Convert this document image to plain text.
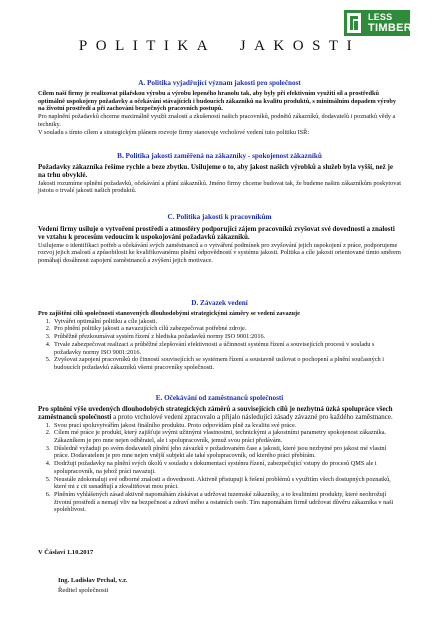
LESS
TIMBER
POLITIKA  JAKOSTI
A. Politika vyjadřující význam jakosti pro společnost

Cílem naší firmy je realizovat pilařskou výrobu a výrobu lepeného hranolu tak, aby byly při efektivním využití sil a prostředků optimálně uspokojeny požadavky a očekávání stávajících i budoucích zákazníků na kvalitu produktů, s minimálním dopadem výroby na životní prostředí a při zachování bezpečných pracovních postupů.

Pro naplnění požadavků chceme maximálně využít znalostí a zkušeností našich pracovníků, podnětů zákazníků, dodavatelů i poznatků vědy a techniky.

V souladu s tímto cílem a strategickým plánem rozvoje firmy stanovuje vrcholové vedení tuto politiku ISŘ:

B. Politika jakosti zaměřená na zákazníky - spokojenost zákazníků

Požadavky zákazníka řešíme rychle a beze zbytku. Usilujeme o to, aby jakost našich výrobků a služeb byla vyšší, než je na trhu obvyklé.

Jakosti rozumíme splnění požadavků, očekávání a přání zákazníků. Jméno firmy chceme budovat tak, že budeme našim zákazníkům poskytovat jistotu o trvalé jakosti našich produktů.

C. Politika jakosti k pracovníkům

Vedení firmy usiluje o vytvoření prostředí a atmosféry podporující zájem pracovníků zvyšovat své dovednosti a znalosti ve vztahu k procesům vedoucím k uspokojování požadavků zákazníků.

Usilujeme o identifikaci potřeb a očekávání svých zaměstnanců a o vytváření podmínek pro zvyšování jejich uspokojení z práce, podporujeme rozvoj jejich znalostí a způsobilosti ke kvalifikovanému plnění odpovědností v systému jakosti. Politika a cíle jakosti orientované tímto směrem pomáhají dosáhnout zapojení zaměstnanců a zvýšení jejich motivace.

D. Závazek vedení

Pro zajištění cílů společnosti stanovených dlouhodobými strategickými záměry se vedení zavazuje

1. Vytvářet optimální politiku a cíle jakosti.
2. Pro plnění politiky jakosti a navazujících cílů zabezpečovat potřebné zdroje.
3. Průběžně přezkoumávat systém řízení z hlediska požadavků normy ISO 9001:2016.
4. Trvale zabezpečovat realizaci a průběžné zlepšování efektivnosti a účinnosti systému řízení a souvisejících procesů v souladu s požadavky normy ISO 9001:2016.
5. Zvyšovat zapojení pracovníků do činností souvisejících se systémem řízení a soustavně usilovat o pochopení a plnění současných i budoucích požadavků zákazníků všemi pracovníky společnosti.
E. Očekávání od zaměstnanců společnosti

Pro splnění výše uvedených dlouhodobých strategických záměrů a souvisejících cílů je nezbytná úzká spolupráce všech zaměstnanců společnosti a proto vrcholové vedení zpracovalo a přijalo následující zásady závazné pro každého zaměstnance.

1. Svou prací spoluvytvářím jakost finálního produktu. Proto odpovídám plně za kvalitu své práce.
2. Cílem mé práce je produkt, který zajišťuje svými užitnými vlastnostmi, technickými a jakostními parametry spokojenost zákazníka. Zákazníkem je pro mne nejen odběratel, ale i spolupracovník, jemuž svou práci předávám.
3. Důsledně vyžaduji po svém dodavateli plnění jeho závazků v požadovaném čase a jakosti, které jsou nezbytné pro jakost mé vlastní práce. Dodavatelem je pro mne nejen vnější subjekt ale také spolupracovník, od kterého práci přebírám.
4. Dodržuji požadavky na plnění svých úkolů v souladu s dokumentací systému řízení, zabezpečující vstupy do procesů QMS ale i spolupracovník, na jehož práci navazuji.
5. Neustále zdokonaluji své odborné znalosti a dovednosti. Aktivně přistupuji k řešení problémů s využitím všech dostupných poznatků, které mi z cit usnadňují a zkvalitňovat mou práci.
6. Plněním vyhlášených zásad aktivně napomáhám získávat a udržovat tuzemské zákazníky, a to kvalitními produkty, které neohrožují životní prostředí a nemají vliv na bezpečnost a zdraví mého a ostatních osob. Tím napomáhám firmě udržovat důvěru zákazníka v naši spolehlivost.
V Čáslavi 1.10.2017
Ing. Ladislav Prchal, v.r.
Ředitel společnosti
